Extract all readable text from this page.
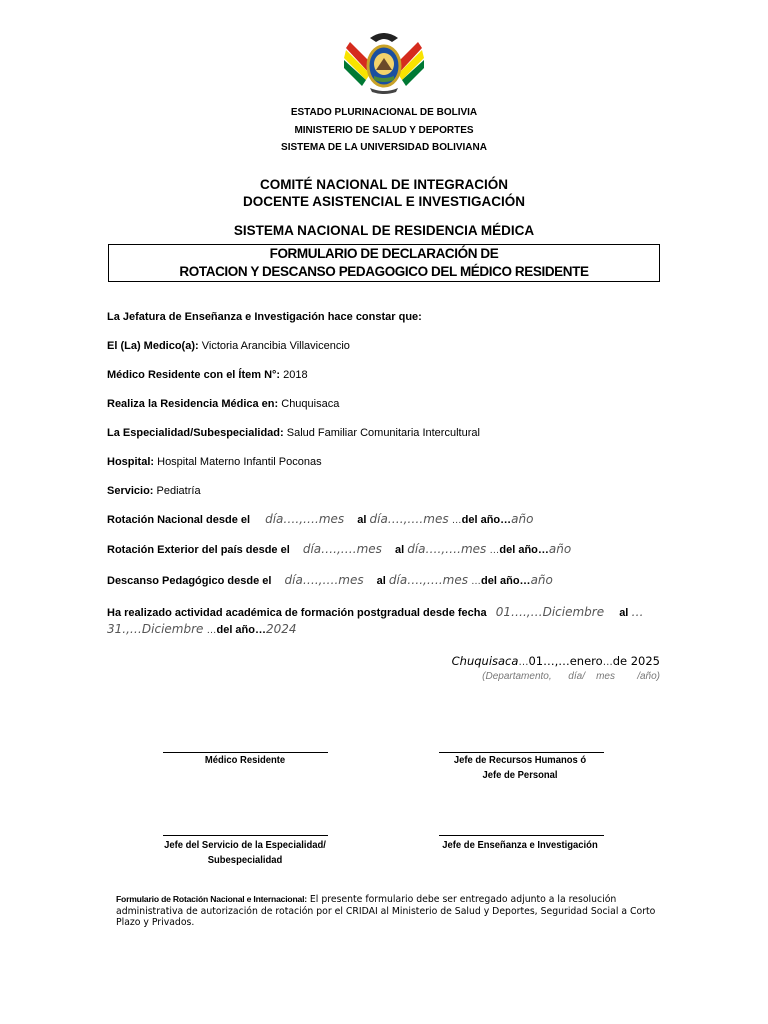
ESTADO PLURINACIONAL DE BOLIVIA
MINISTERIO DE SALUD Y DEPORTES
SISTEMA DE LA UNIVERSIDAD BOLIVIANA
COMITÉ NACIONAL DE INTEGRACIÓN
DOCENTE ASISTENCIAL E INVESTIGACIÓN
SISTEMA NACIONAL DE RESIDENCIA MÉDICA
FORMULARIO DE DECLARACIÓN DE
ROTACION Y DESCANSO PEDAGOGICO DEL MÉDICO RESIDENTE
La Jefatura de Enseñanza e Investigación hace constar que:
El (La) Medico(a): Victoria Arancibia Villavicencio
Médico Residente con el Ítem N°: 2018
Realiza la Residencia Médica en: Chuquisaca
La Especialidad/Subespecialidad: Salud Familiar Comunitaria Intercultural
Hospital: Hospital Materno Infantil Poconas
Servicio: Pediatría
Rotación Nacional desde el día….,….mes al día….,….mes …del año…año
Rotación Exterior del país desde el día….,….mes al día….,….mes …del año…año
Descanso Pedagógico desde el día….,….mes al día….,….mes …del año…año
Ha realizado actividad académica de formación postgradual desde fecha 01….,…Diciembre al … 31.,…Diciembre …del año…2024
Chuquisaca…01…,…enero…de 2025
(Departamento,      día/    mes        /año)
Médico Residente	Jefe de Recursos Humanos ó
Jefe de Personal
Jefe del Servicio de la Especialidad/
Subespecialidad
Jefe de Enseñanza e Investigación
Formulario de Rotación Nacional e Internacional: El presente formulario debe ser entregado adjunto a la resolución administrativa de autorización de rotación por el CRIDAI al Ministerio de Salud y Deportes, Seguridad Social a Corto Plazo y Privados.
